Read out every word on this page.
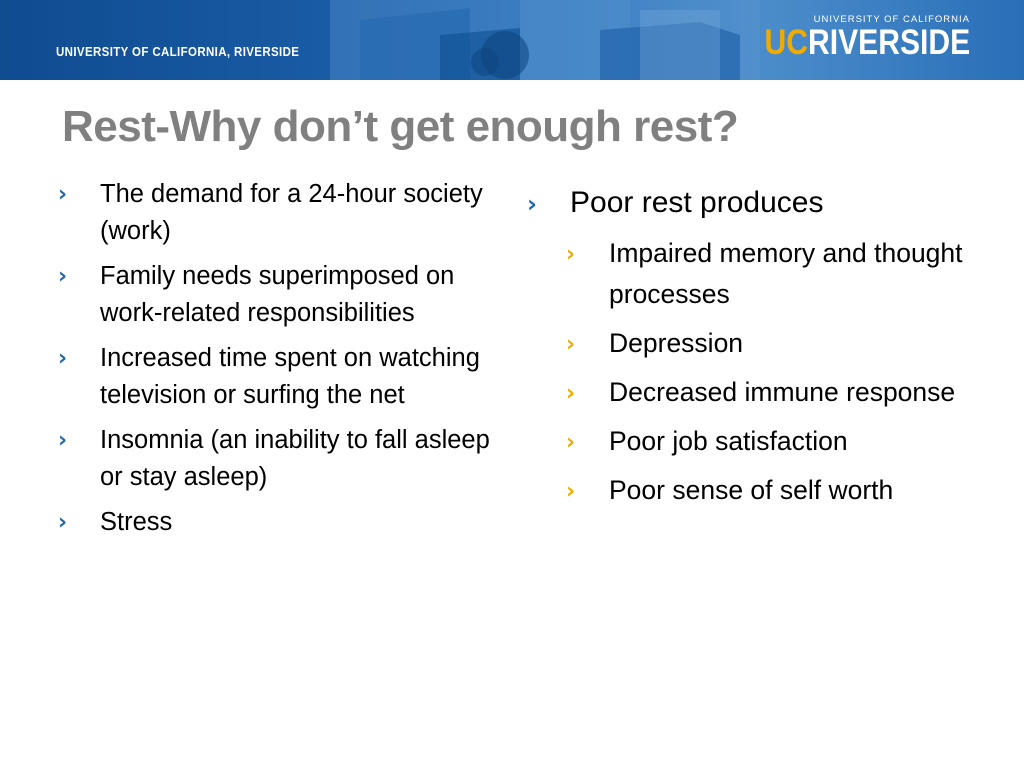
UNIVERSITY OF CALIFORNIA, RIVERSIDE
UNIVERSITY OF CALIFORNIA
UCRIVERSIDE
Rest-Why don’t get enough rest?
› The demand for a 24-hour society (work)
› Family needs superimposed on work-related responsibilities
› Increased time spent on watching television or surfing the net
› Insomnia (an inability to fall asleep or stay asleep)
› Stress
› Poor rest produces
› Impaired memory and thought processes
› Depression
› Decreased immune response
› Poor job satisfaction
› Poor sense of self worth
